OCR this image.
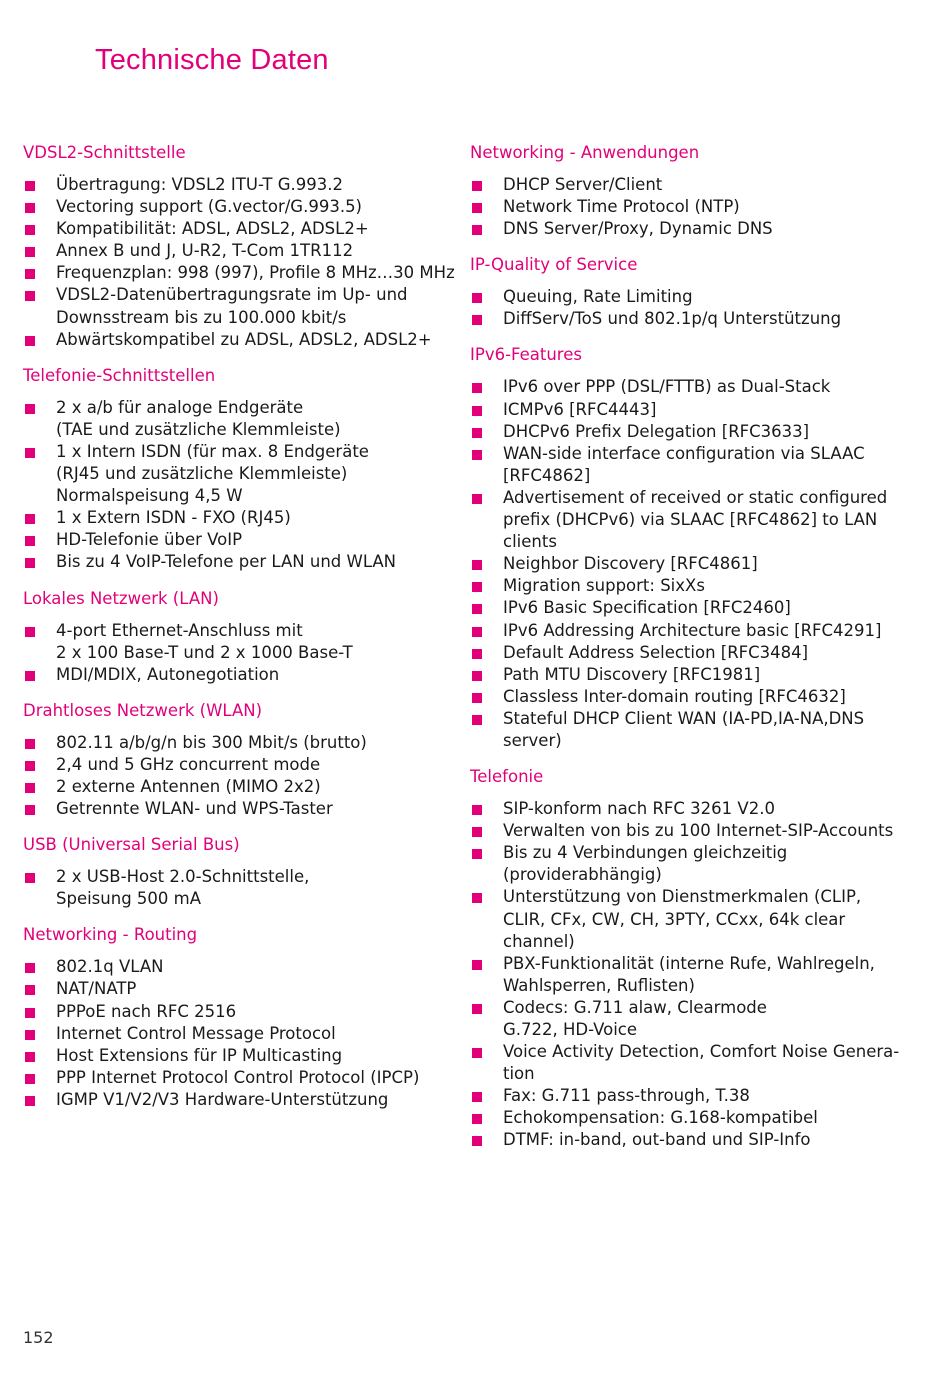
Technische Daten
VDSL2-Schnittstelle
Übertragung: VDSL2 ITU-T G.993.2
Vectoring support (G.vector/G.993.5)
Kompatibilität: ADSL, ADSL2, ADSL2+
Annex B und J, U-R2, T-Com 1TR112
Frequenzplan: 998 (997), Profile 8 MHz…30 MHz
VDSL2-Datenübertragungsrate im Up- und
Downsstream bis zu 100.000 kbit/s
Abwärtskompatibel zu ADSL, ADSL2, ADSL2+
Telefonie-Schnittstellen
2 x a/b für analoge Endgeräte
(TAE und zusätzliche Klemmleiste)
1 x Intern ISDN (für max. 8 Endgeräte
(RJ45 und zusätzliche Klemmleiste)
Normalspeisung 4,5 W
1 x Extern ISDN - FXO (RJ45)
HD-Telefonie über VoIP
Bis zu 4 VoIP-Telefone per LAN und WLAN
Lokales Netzwerk (LAN)
4-port Ethernet-Anschluss mit
2 x 100 Base-T und 2 x 1000 Base-T
MDI/MDIX, Autonegotiation
Drahtloses Netzwerk (WLAN)
802.11 a/b/g/n bis 300 Mbit/s (brutto)
2,4 und 5 GHz concurrent mode
2 externe Antennen (MIMO 2x2)
Getrennte WLAN- und WPS-Taster
USB (Universal Serial Bus)
2 x USB-Host 2.0-Schnittstelle,
Speisung 500 mA
Networking - Routing
802.1q VLAN
NAT/NATP
PPPoE nach RFC 2516
Internet Control Message Protocol
Host Extensions für IP Multicasting
PPP Internet Protocol Control Protocol (IPCP)
IGMP V1/V2/V3 Hardware-Unterstützung
Networking - Anwendungen
DHCP Server/Client
Network Time Protocol (NTP)
DNS Server/Proxy, Dynamic DNS
IP-Quality of Service
Queuing, Rate Limiting
DiffServ/ToS und 802.1p/q Unterstützung
IPv6-Features
IPv6 over PPP (DSL/FTTB) as Dual-Stack
ICMPv6 [RFC4443]
DHCPv6 Prefix Delegation [RFC3633]
WAN-side interface configuration via SLAAC
[RFC4862]
Advertisement of received or static configured
prefix (DHCPv6) via SLAAC [RFC4862] to LAN
clients
Neighbor Discovery [RFC4861]
Migration support: SixXs
IPv6 Basic Specification [RFC2460]
IPv6 Addressing Architecture basic [RFC4291]
Default Address Selection [RFC3484]
Path MTU Discovery [RFC1981]
Classless Inter-domain routing [RFC4632]
Stateful DHCP Client WAN (IA-PD,IA-NA,DNS
server)
Telefonie
SIP-konform nach RFC 3261 V2.0
Verwalten von bis zu 100 Internet-SIP-Accounts
Bis zu 4 Verbindungen gleichzeitig
(providerabhängig)
Unterstützung von Dienstmerkmalen (CLIP,
CLIR, CFx, CW, CH, 3PTY, CCxx, 64k clear
channel)
PBX-Funktionalität (interne Rufe, Wahlregeln,
Wahlsperren, Ruflisten)
Codecs: G.711 alaw, Clearmode
G.722, HD-Voice
Voice Activity Detection, Comfort Noise Genera-
tion
Fax: G.711 pass-through, T.38
Echokompensation: G.168-kompatibel
DTMF: in-band, out-band und SIP-Info
152
